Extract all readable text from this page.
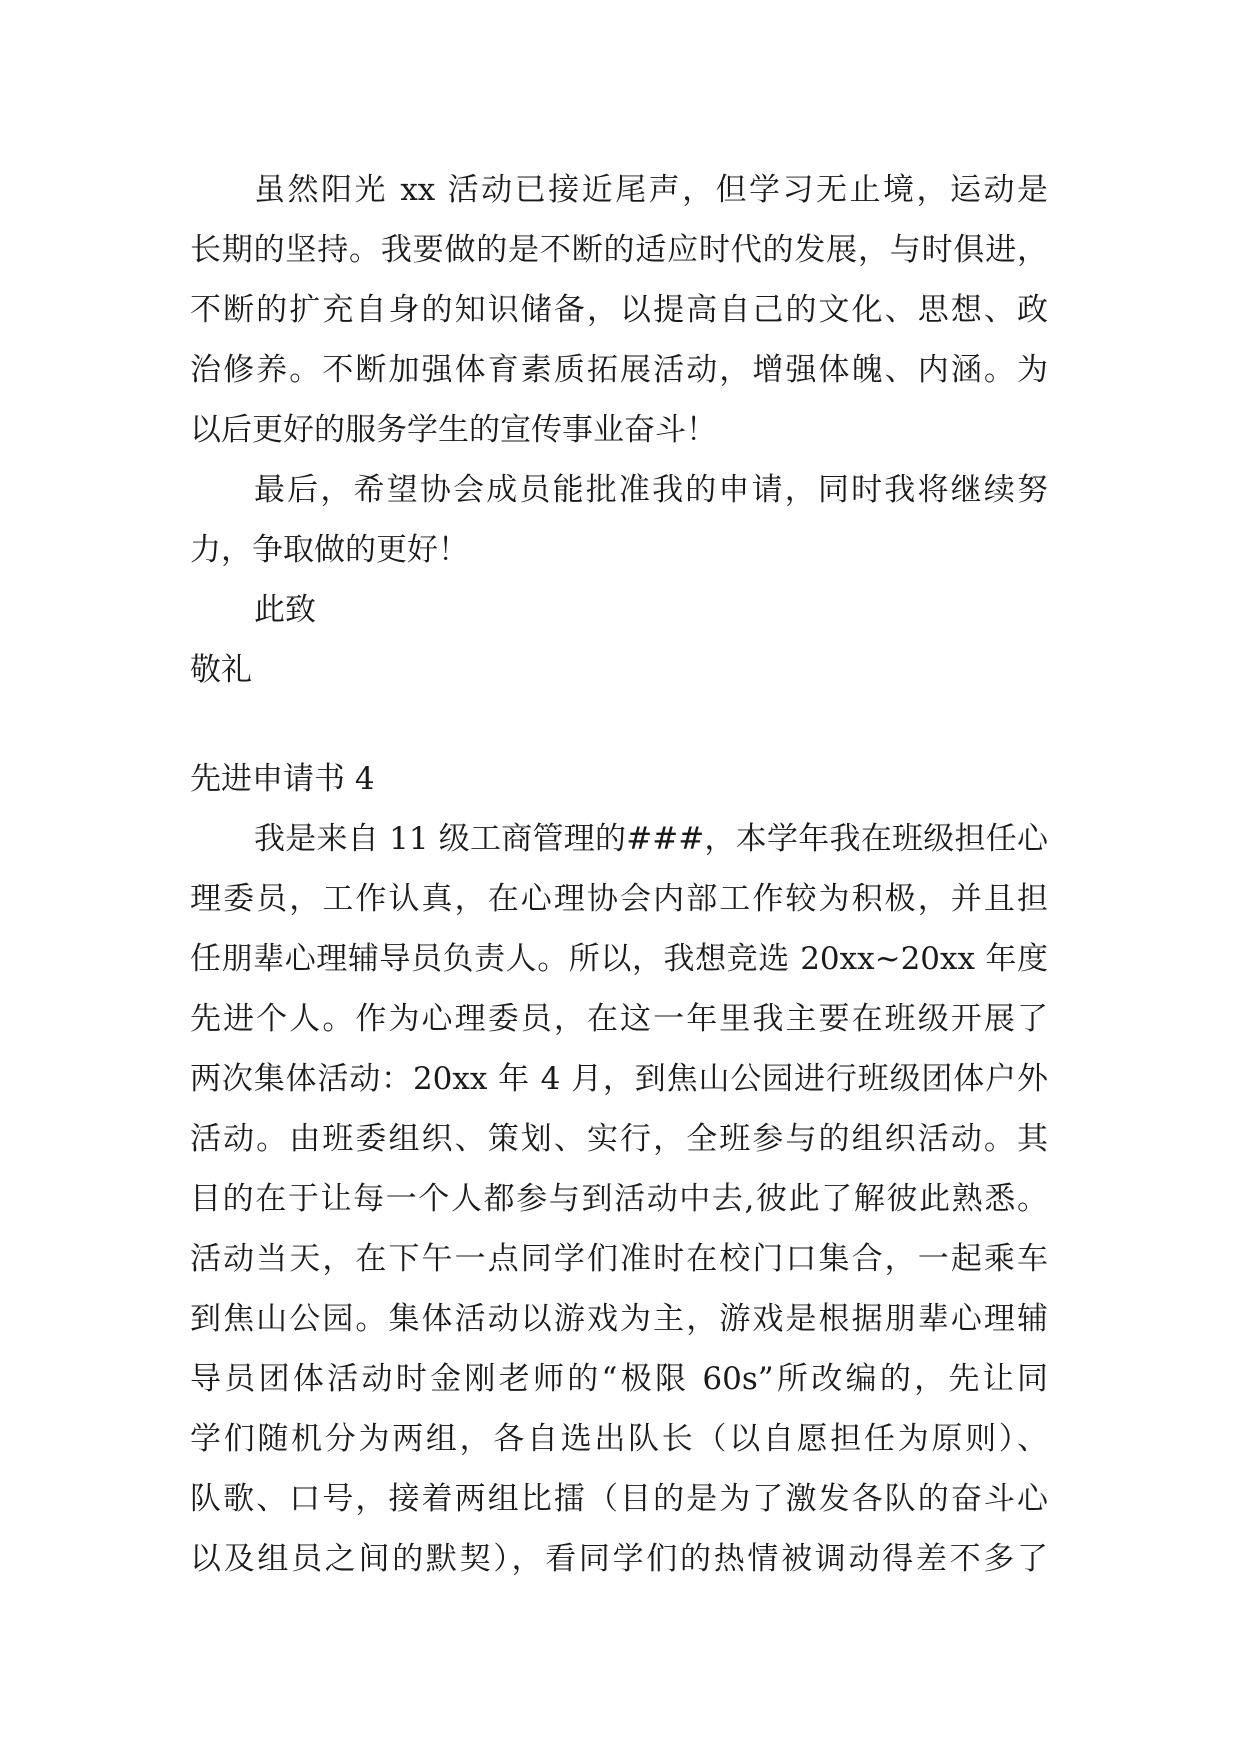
虽然阳光 xx 活动已接近尾声，但学习无止境，运动是
长期的坚持。我要做的是不断的适应时代的发展，与时俱进，
不断的扩充自身的知识储备，以提高自己的文化、思想、政
治修养。不断加强体育素质拓展活动，增强体魄、内涵。为
以后更好的服务学生的宣传事业奋斗！
最后，希望协会成员能批准我的申请，同时我将继续努
力，争取做的更好！
此致
敬礼
先进申请书 4
我是来自 11 级工商管理的###，本学年我在班级担任心
理委员，工作认真，在心理协会内部工作较为积极，并且担
任朋辈心理辅导员负责人。所以，我想竞选 20xx~20xx 年度
先进个人。作为心理委员，在这一年里我主要在班级开展了
两次集体活动：20xx 年 4 月，到焦山公园进行班级团体户外
活动。由班委组织、策划、实行，全班参与的组织活动。其
目的在于让每一个人都参与到活动中去,彼此了解彼此熟悉。
活动当天，在下午一点同学们准时在校门口集合，一起乘车
到焦山公园。集体活动以游戏为主，游戏是根据朋辈心理辅
导员团体活动时金刚老师的“极限 60s”所改编的，先让同
学们随机分为两组，各自选出队长（以自愿担任为原则）、
队歌、口号，接着两组比擂（目的是为了激发各队的奋斗心
以及组员之间的默契），看同学们的热情被调动得差不多了
